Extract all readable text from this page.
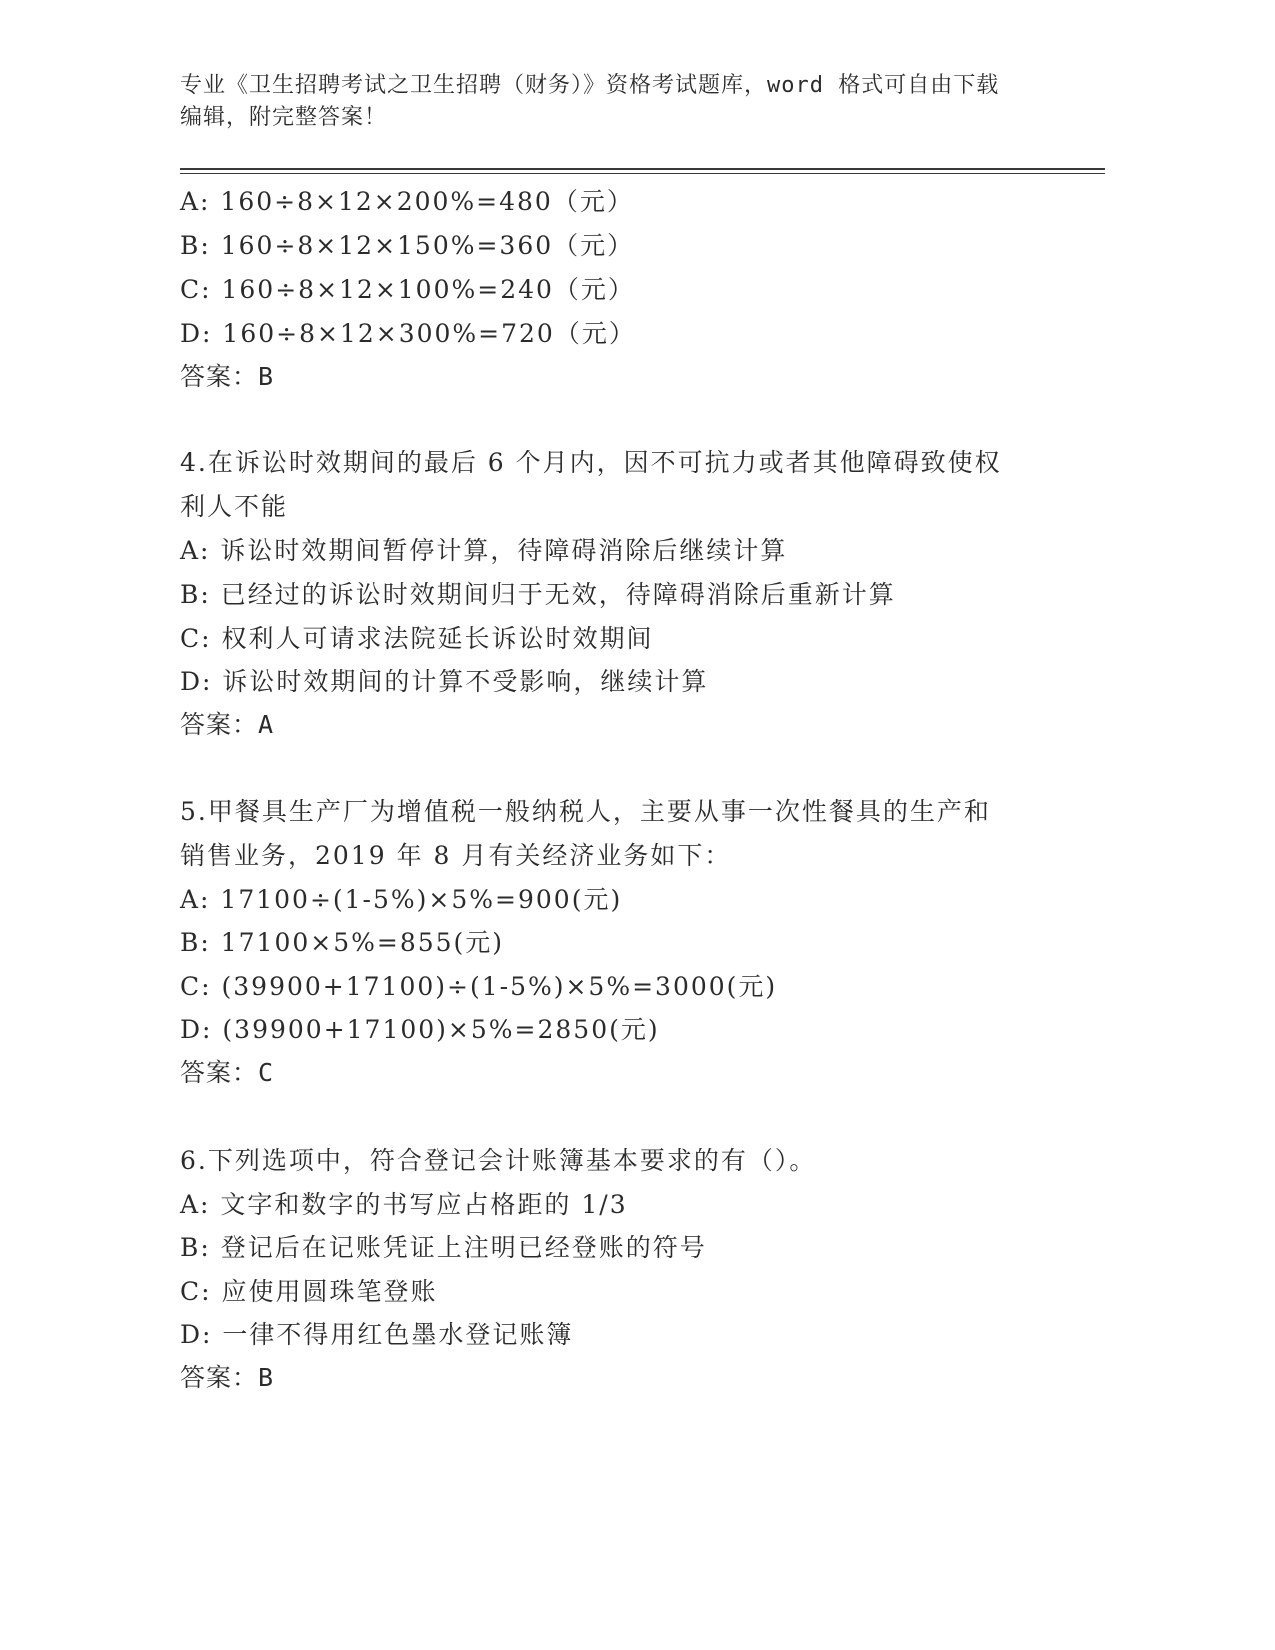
专业《卫生招聘考试之卫生招聘（财务）》资格考试题库，word 格式可自由下载
编辑，附完整答案！
A: 160÷8×12×200%=480（元）
B: 160÷8×12×150%=360（元）
C: 160÷8×12×100%=240（元）
D: 160÷8×12×300%=720（元）
答案：B
4.在诉讼时效期间的最后 6 个月内，因不可抗力或者其他障碍致使权
利人不能
A: 诉讼时效期间暂停计算，待障碍消除后继续计算
B: 已经过的诉讼时效期间归于无效，待障碍消除后重新计算
C: 权利人可请求法院延长诉讼时效期间
D: 诉讼时效期间的计算不受影响，继续计算
答案：A
5.甲餐具生产厂为增值税一般纳税人，主要从事一次性餐具的生产和
销售业务，2019 年 8 月有关经济业务如下：
A: 17100÷(1-5%)×5%=900(元)
B: 17100×5%=855(元)
C: (39900+17100)÷(1-5%)×5%=3000(元)
D: (39900+17100)×5%=2850(元)
答案：C
6.下列选项中，符合登记会计账簿基本要求的有（）。
A: 文字和数字的书写应占格距的 1/3
B: 登记后在记账凭证上注明已经登账的符号
C: 应使用圆珠笔登账
D: 一律不得用红色墨水登记账簿
答案：B
